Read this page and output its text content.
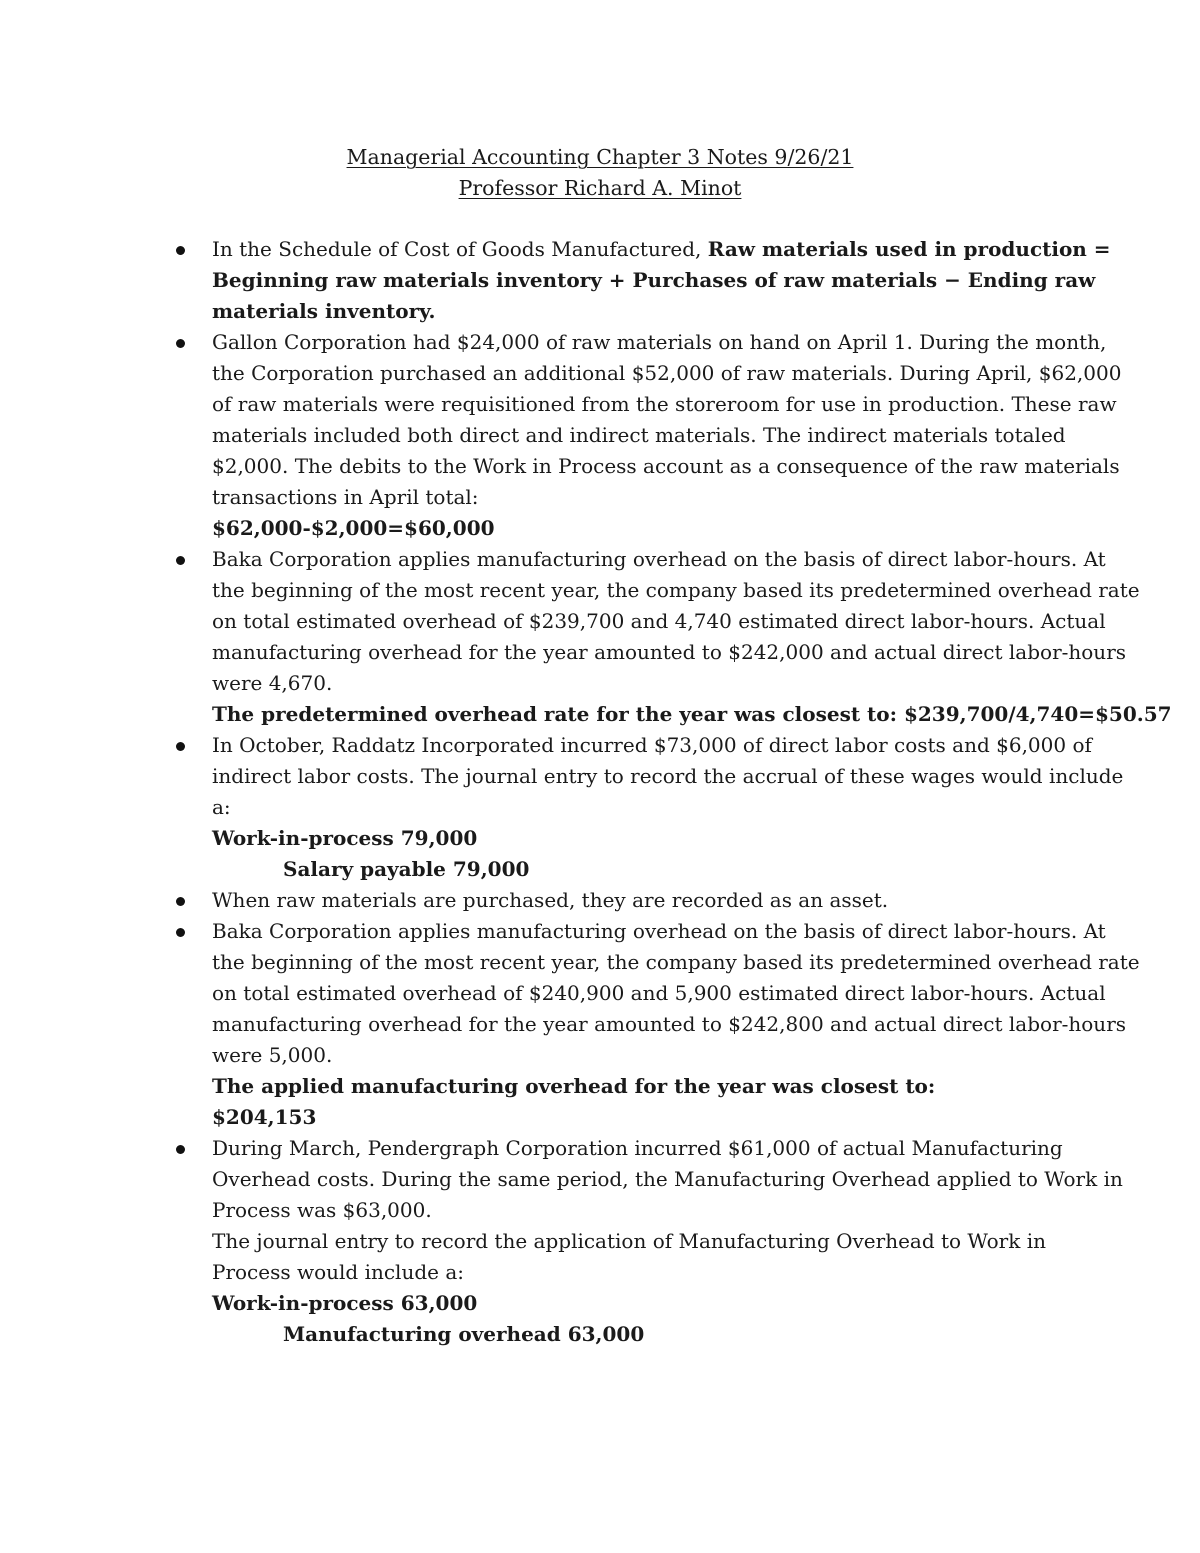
Managerial Accounting Chapter 3 Notes 9/26/21
Professor Richard A. Minot
In the Schedule of Cost of Goods Manufactured, Raw materials used in production =
Beginning raw materials inventory + Purchases of raw materials − Ending raw
materials inventory.
Gallon Corporation had $24,000 of raw materials on hand on April 1. During the month,
the Corporation purchased an additional $52,000 of raw materials. During April, $62,000
of raw materials were requisitioned from the storeroom for use in production. These raw
materials included both direct and indirect materials. The indirect materials totaled
$2,000. The debits to the Work in Process account as a consequence of the raw materials
transactions in April total:
$62,000-$2,000=$60,000
Baka Corporation applies manufacturing overhead on the basis of direct labor-hours. At
the beginning of the most recent year, the company based its predetermined overhead rate
on total estimated overhead of $239,700 and 4,740 estimated direct labor-hours. Actual
manufacturing overhead for the year amounted to $242,000 and actual direct labor-hours
were 4,670.
The predetermined overhead rate for the year was closest to: $239,700/4,740=$50.57
In October, Raddatz Incorporated incurred $73,000 of direct labor costs and $6,000 of
indirect labor costs. The journal entry to record the accrual of these wages would include
a:
Work-in-process 79,000
Salary payable 79,000
When raw materials are purchased, they are recorded as an asset.
Baka Corporation applies manufacturing overhead on the basis of direct labor-hours. At
the beginning of the most recent year, the company based its predetermined overhead rate
on total estimated overhead of $240,900 and 5,900 estimated direct labor-hours. Actual
manufacturing overhead for the year amounted to $242,800 and actual direct labor-hours
were 5,000.
The applied manufacturing overhead for the year was closest to:
$204,153
During March, Pendergraph Corporation incurred $61,000 of actual Manufacturing
Overhead costs. During the same period, the Manufacturing Overhead applied to Work in
Process was $63,000.
The journal entry to record the application of Manufacturing Overhead to Work in
Process would include a:
Work-in-process 63,000
Manufacturing overhead 63,000
